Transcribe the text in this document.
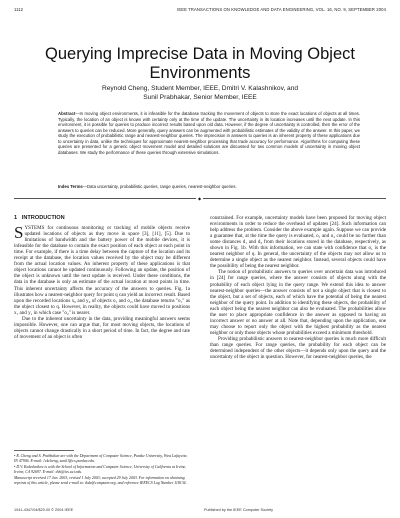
1112	IEEE TRANSACTIONS ON KNOWLEDGE AND DATA ENGINEERING, VOL. 16, NO. 9, SEPTEMBER 2004
Querying Imprecise Data in Moving Object Environments
Reynold Cheng, Student Member, IEEE, Dmitri V. Kalashnikov, and
Sunil Prabhakar, Senior Member, IEEE
Abstract—In moving object environments, it is infeasible for the database tracking the movement of objects to store the exact locations of objects at all times. Typically, the location of an object is known with certainty only at the time of the update. The uncertainty in its location increases until the next update. In this environment, it is possible for queries to produce incorrect results based upon old data. However, if the degree of uncertainty is controlled, then the error of the answers to queries can be reduced. More generally, query answers can be augmented with probabilistic estimates of the validity of the answer. In this paper, we study the execution of probabilistic range and nearest-neighbor queries. The imprecision in answers to queries is an inherent property of these applications due to uncertainty in data, unlike the techniques for approximate nearest-neighbor processing that trade accuracy for performance. Algorithms for computing these queries are presented for a generic object movement model and detailed solutions are discussed for two common models of uncertainty in moving object databases. We study the performance of these queries through extensive simulations.
Index Terms—Data uncertainty, probabilistic queries, range queries, nearest-neighbor queries.
◆
1 INTRODUCTION

SYSTEMS for continuous monitoring or tracking of mobile objects receive updated locations of objects as they move in space [3], [11], [5]. Due to limitations of bandwidth and the battery power of the mobile devices, it is infeasible for the database to contain the exact position of each object at each point in time. For example, if there is a time delay between the capture of the location and its receipt at the database, the location values received by the object may be different from the actual location values. An inherent property of these applications is that object locations cannot be updated continuously. Following an update, the position of the object is unknown until the next update is received. Under these conditions, the data in the database is only an estimate of the actual location at most points in time. This inherent uncertainty affects the accuracy of the answers to queries. Fig. 1a illustrates how a nearest-neighbor query for point q can yield an incorrect result. Based upon the recorded locations x₀ and y₀ of objects o₁ and o₂, the database returns "o₁" as the object closest to q. However, in reality, the objects could have moved to positions x₁ and y₁ in which case "o₂" is nearer.

Due to the inherent uncertainty in the data, providing meaningful answers seems impossible. However, one can argue that, for most moving objects, the locations of objects cannot change drastically in a short period of time. In fact, the degree and rate of movement of an object is often

• R. Cheng and S. Prabhakar are with the Department of Computer Science, Purdue University, West Lafayette, IN 47906. E-mail: {ckcheng, sunil}@cs.purdue.edu.

• D.V. Kalashnikov is with the School of Information and Computer Science, University of California at Irvine, Irvine, CA 92697. E-mail: dvk@ics.uci.edu.

Manuscript received 17 Jan. 2003; revised 1 July 2003; accepted 29 July 2003. For information on obtaining reprints of this article, please send e-mail to: tkde@computer.org, and reference IEEECS Log Number 118134.

constrained. For example, uncertainty models have been proposed for moving object environments in order to reduce the overhead of updates [24]. Such information can help address the problem. Consider the above example again. Suppose we can provide a guarantee that, at the time the query is evaluated, o₁ and o₂ could be no further than some distances d₁ and d₂ from their locations stored in the database, respectively, as shown in Fig. 1b. With this information, we can state with confidence that o₁ is the nearest neighbor of q. In general, the uncertainty of the objects may not allow us to determine a single object as the nearest neighbor. Instead, several objects could have the possibility of being the nearest neighbor.

The notion of probabilistic answers to queries over uncertain data was introduced in [24] for range queries, where the answer consists of objects along with the probability of each object lying in the query range. We extend this idea to answer nearest-neighbor queries—the answer consists of not a single object that is closest to the object, but a set of objects, each of which have the potential of being the nearest neighbor of the query point. In addition to identifying these objects, the probability of each object being the nearest neighbor can also be evaluated. The probabilities allow the user to place appropriate confidence in the answer as opposed to having an incorrect answer or no answer at all. Note that, depending upon the application, one may choose to report only the object with the highest probability as the nearest neighbor or only those objects whose probabilities exceed a minimum threshold.

Providing probabilistic answers to nearest-neighbor queries is much more difficult than range queries. For range queries, the probability for each object can be determined independent of the other objects—it depends only upon the query and the uncertainty of the object in question. However, for nearest-neighbor queries, the

1041-4347/04/$20.00 © 2004 IEEE	Published by the IEEE Computer Society
